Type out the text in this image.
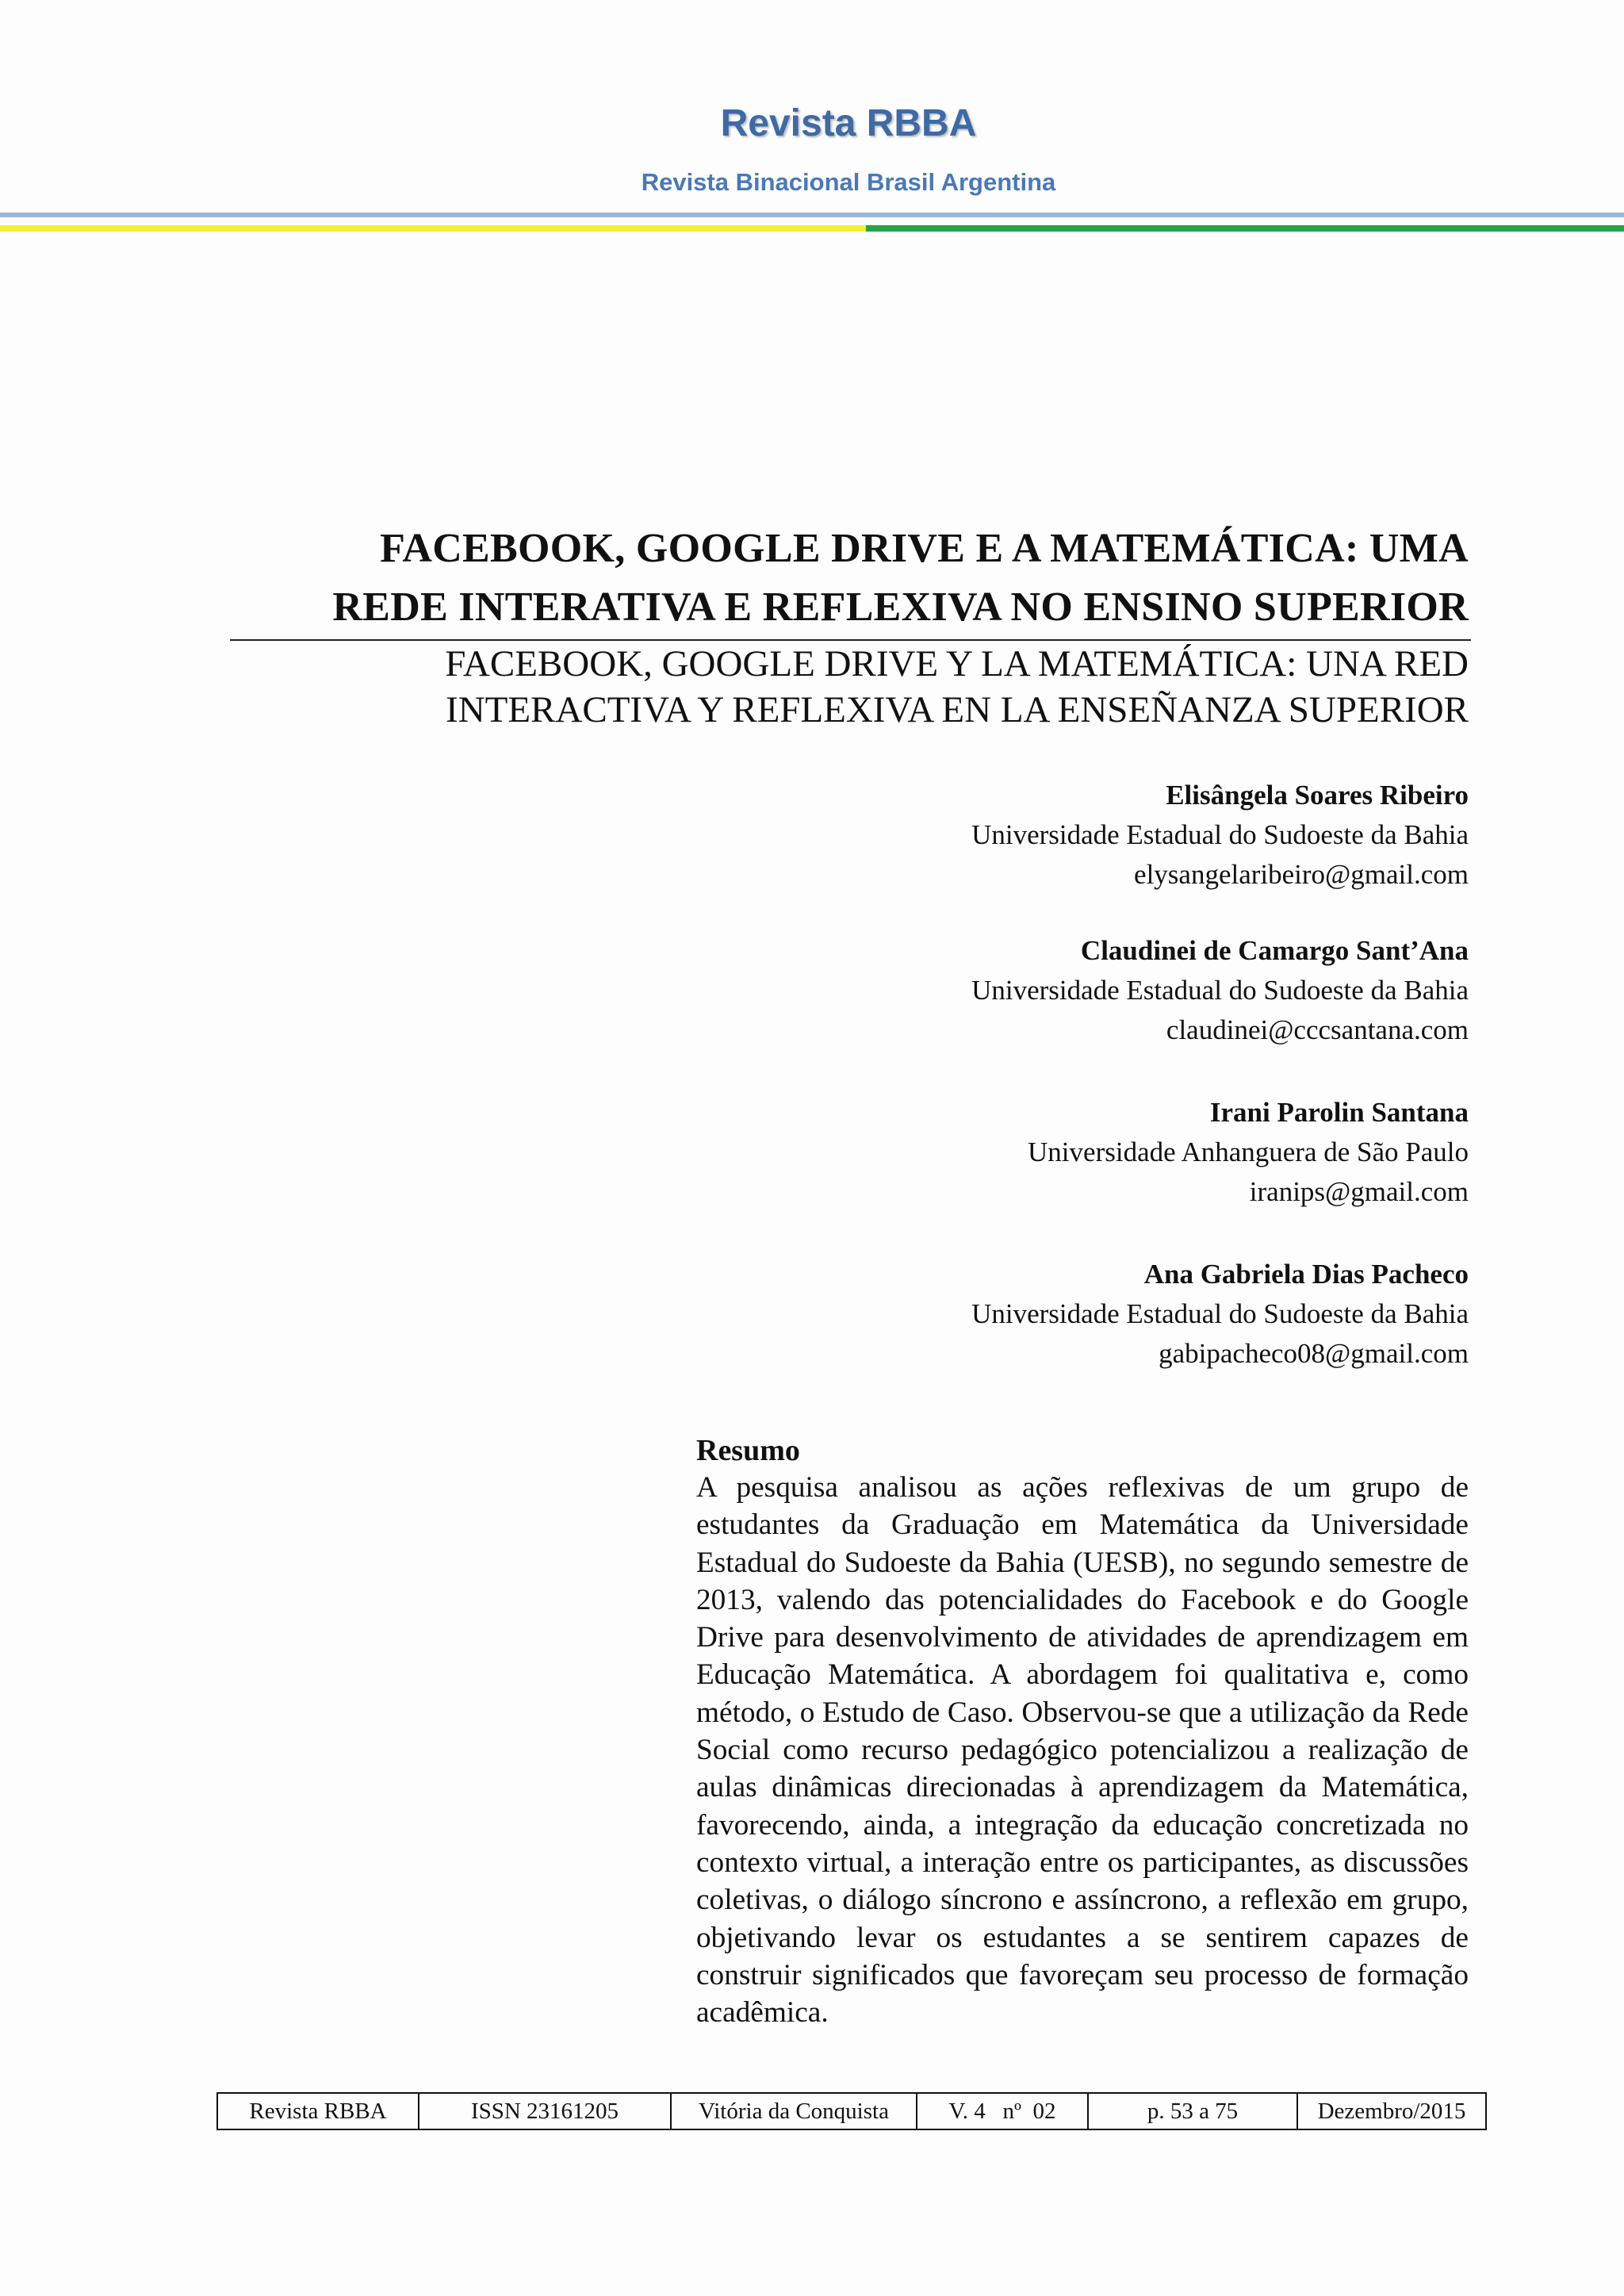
Revista RBBA
Revista Binacional Brasil Argentina
FACEBOOK, GOOGLE DRIVE E A MATEMÁTICA: UMA
REDE INTERATIVA E REFLEXIVA NO ENSINO SUPERIOR
FACEBOOK, GOOGLE DRIVE Y LA MATEMÁTICA: UNA RED
INTERACTIVA Y REFLEXIVA EN LA ENSEÑANZA SUPERIOR
Elisângela Soares Ribeiro
Universidade Estadual do Sudoeste da Bahia
elysangelaribeiro@gmail.com
Claudinei de Camargo Sant’Ana
Universidade Estadual do Sudoeste da Bahia
claudinei@cccsantana.com
Irani Parolin Santana
Universidade Anhanguera de São Paulo
iranips@gmail.com
Ana Gabriela Dias Pacheco
Universidade Estadual do Sudoeste da Bahia
gabipacheco08@gmail.com
Resumo

A pesquisa analisou as ações reflexivas de um grupo de estudantes da Graduação em Matemática da Universidade Estadual do Sudoeste da Bahia (UESB), no segundo semestre de 2013, valendo das potencialidades do Facebook e do Google Drive para desenvolvimento de atividades de aprendizagem em Educação Matemática. A abordagem foi qualitativa e, como método, o Estudo de Caso. Observou-se que a utilização da Rede Social como recurso pedagógico potencializou a realização de aulas dinâmicas direcionadas à aprendizagem da Matemática, favorecendo, ainda, a integração da educação concretizada no contexto virtual, a interação entre os participantes, as discussões coletivas, o diálogo síncrono e assíncrono, a reflexão em grupo, objetivando levar os estudantes a se sentirem capazes de construir significados que favoreçam seu processo de formação acadêmica.

Revista RBBA	ISSN 23161205	Vitória da Conquista	V. 4   nº  02	p. 53 a 75	Dezembro/2015
